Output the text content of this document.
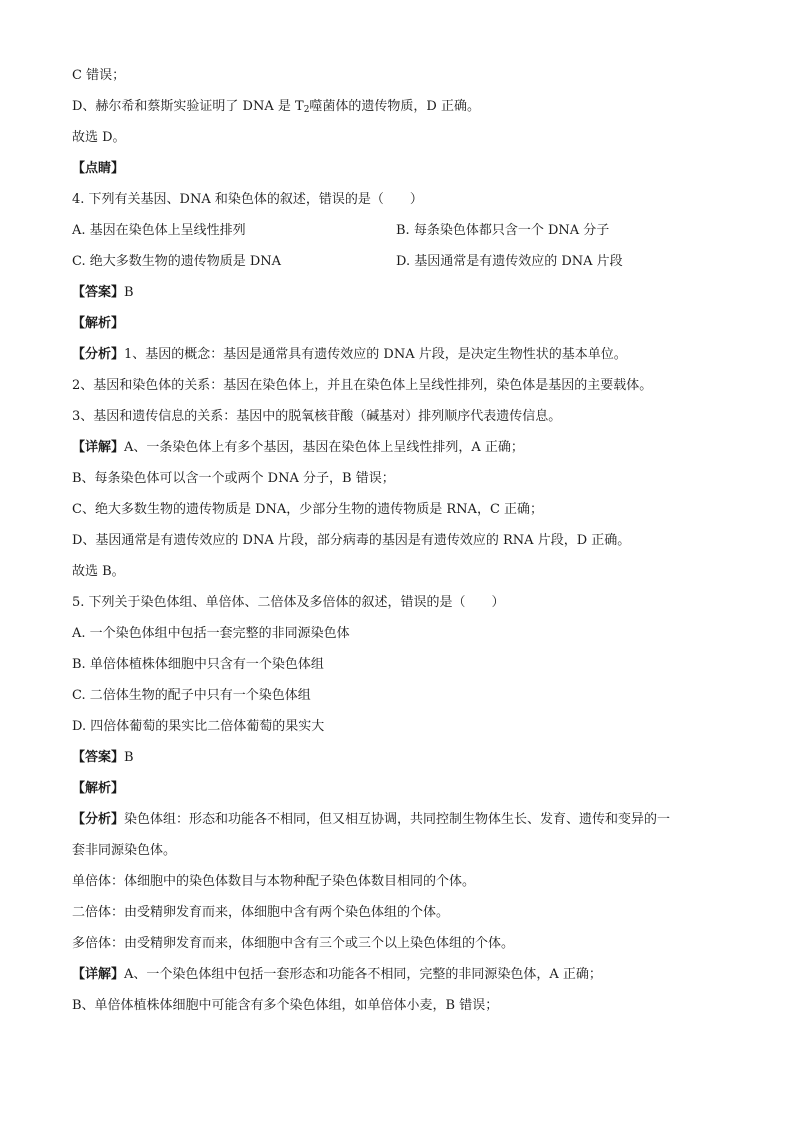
C 错误；
D、赫尔希和蔡斯实验证明了 DNA 是 $T_2$噬菌体的遗传物质，D 正确。
故选 D。
【点睛】
4. 下列有关基因、DNA 和染色体的叙述，错误的是（　　）
A. 基因在染色体上呈线性排列	B. 每条染色体都只含一个 DNA 分子
C. 绝大多数生物的遗传物质是 DNA	D. 基因通常是有遗传效应的 DNA 片段
【答案】B
【解析】
【分析】1、基因的概念：基因是通常具有遗传效应的 DNA 片段，是决定生物性状的基本单位。
2、基因和染色体的关系：基因在染色体上，并且在染色体上呈线性排列，染色体是基因的主要载体。
3、基因和遗传信息的关系：基因中的脱氧核苷酸（碱基对）排列顺序代表遗传信息。
【详解】A、一条染色体上有多个基因，基因在染色体上呈线性排列，A 正确；
B、每条染色体可以含一个或两个 DNA 分子，B 错误；
C、绝大多数生物的遗传物质是 DNA，少部分生物的遗传物质是 RNA，C 正确；
D、基因通常是有遗传效应的 DNA 片段，部分病毒的基因是有遗传效应的 RNA 片段，D 正确。
故选 B。
5. 下列关于染色体组、单倍体、二倍体及多倍体的叙述，错误的是（　　）
A. 一个染色体组中包括一套完整的非同源染色体
B. 单倍体植株体细胞中只含有一个染色体组
C. 二倍体生物的配子中只有一个染色体组
D. 四倍体葡萄的果实比二倍体葡萄的果实大
【答案】B
【解析】
【分析】染色体组：形态和功能各不相同，但又相互协调，共同控制生物体生长、发育、遗传和变异的一
套非同源染色体。
单倍体：体细胞中的染色体数目与本物种配子染色体数目相同的个体。
二倍体：由受精卵发育而来，体细胞中含有两个染色体组的个体。
多倍体：由受精卵发育而来，体细胞中含有三个或三个以上染色体组的个体。
【详解】A、一个染色体组中包括一套形态和功能各不相同，完整的非同源染色体，A 正确；
B、单倍体植株体细胞中可能含有多个染色体组，如单倍体小麦，B 错误；
